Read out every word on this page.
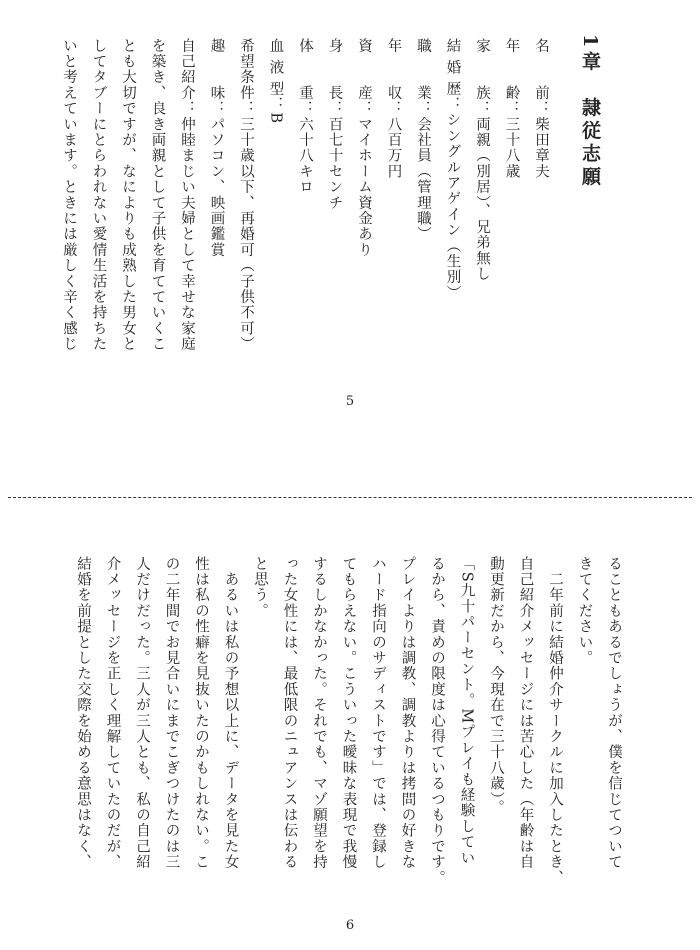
1章　隷従志願
名　　前：柴田章夫
年　　齢：三十八歳
家　　族：両親（別居）、兄弟無し
結 婚 歴：シングルアゲイン（生別）
職　　業：会社員（管理職）
年　　収：八百万円
資　　産：マイホーム資金あり
身　　長：百七十センチ
体　　重：六十八キロ
血 液 型：B
希望条件：三十歳以下、再婚可（子供不可）
趣　　味：パソコン、映画鑑賞
自己紹介：仲睦まじい夫婦として幸せな家庭
を築き、良き両親として子供を育てていくこ
とも大切ですが、なによりも成熟した男女と
してタブーにとらわれない愛情生活を持ちた
いと考えています。ときには厳しく辛く感じ
5
ることもあるでしょうが、僕を信じてついて
きてください。
　二年前に結婚仲介サークルに加入したとき、
自己紹介メッセージには苦心した（年齢は自
動更新だから、今現在で三十八歳）。
「S九十パーセント。Mプレイも経験してい
るから、責めの限度は心得ているつもりです。
プレイよりは調教、調教よりは拷問の好きな
ハード指向のサディストです」では、登録し
てもらえない。こういった曖昧な表現で我慢
するしかなかった。それでも、マゾ願望を持
った女性には、最低限のニュアンスは伝わる
と思う。
　あるいは私の予想以上に、データを見た女
性は私の性癖を見抜いたのかもしれない。こ
の二年間でお見合いにまでこぎつけたのは三
人だけだった。三人が三人とも、私の自己紹
介メッセージを正しく理解していたのだが、
結婚を前提とした交際を始める意思はなく、
6
